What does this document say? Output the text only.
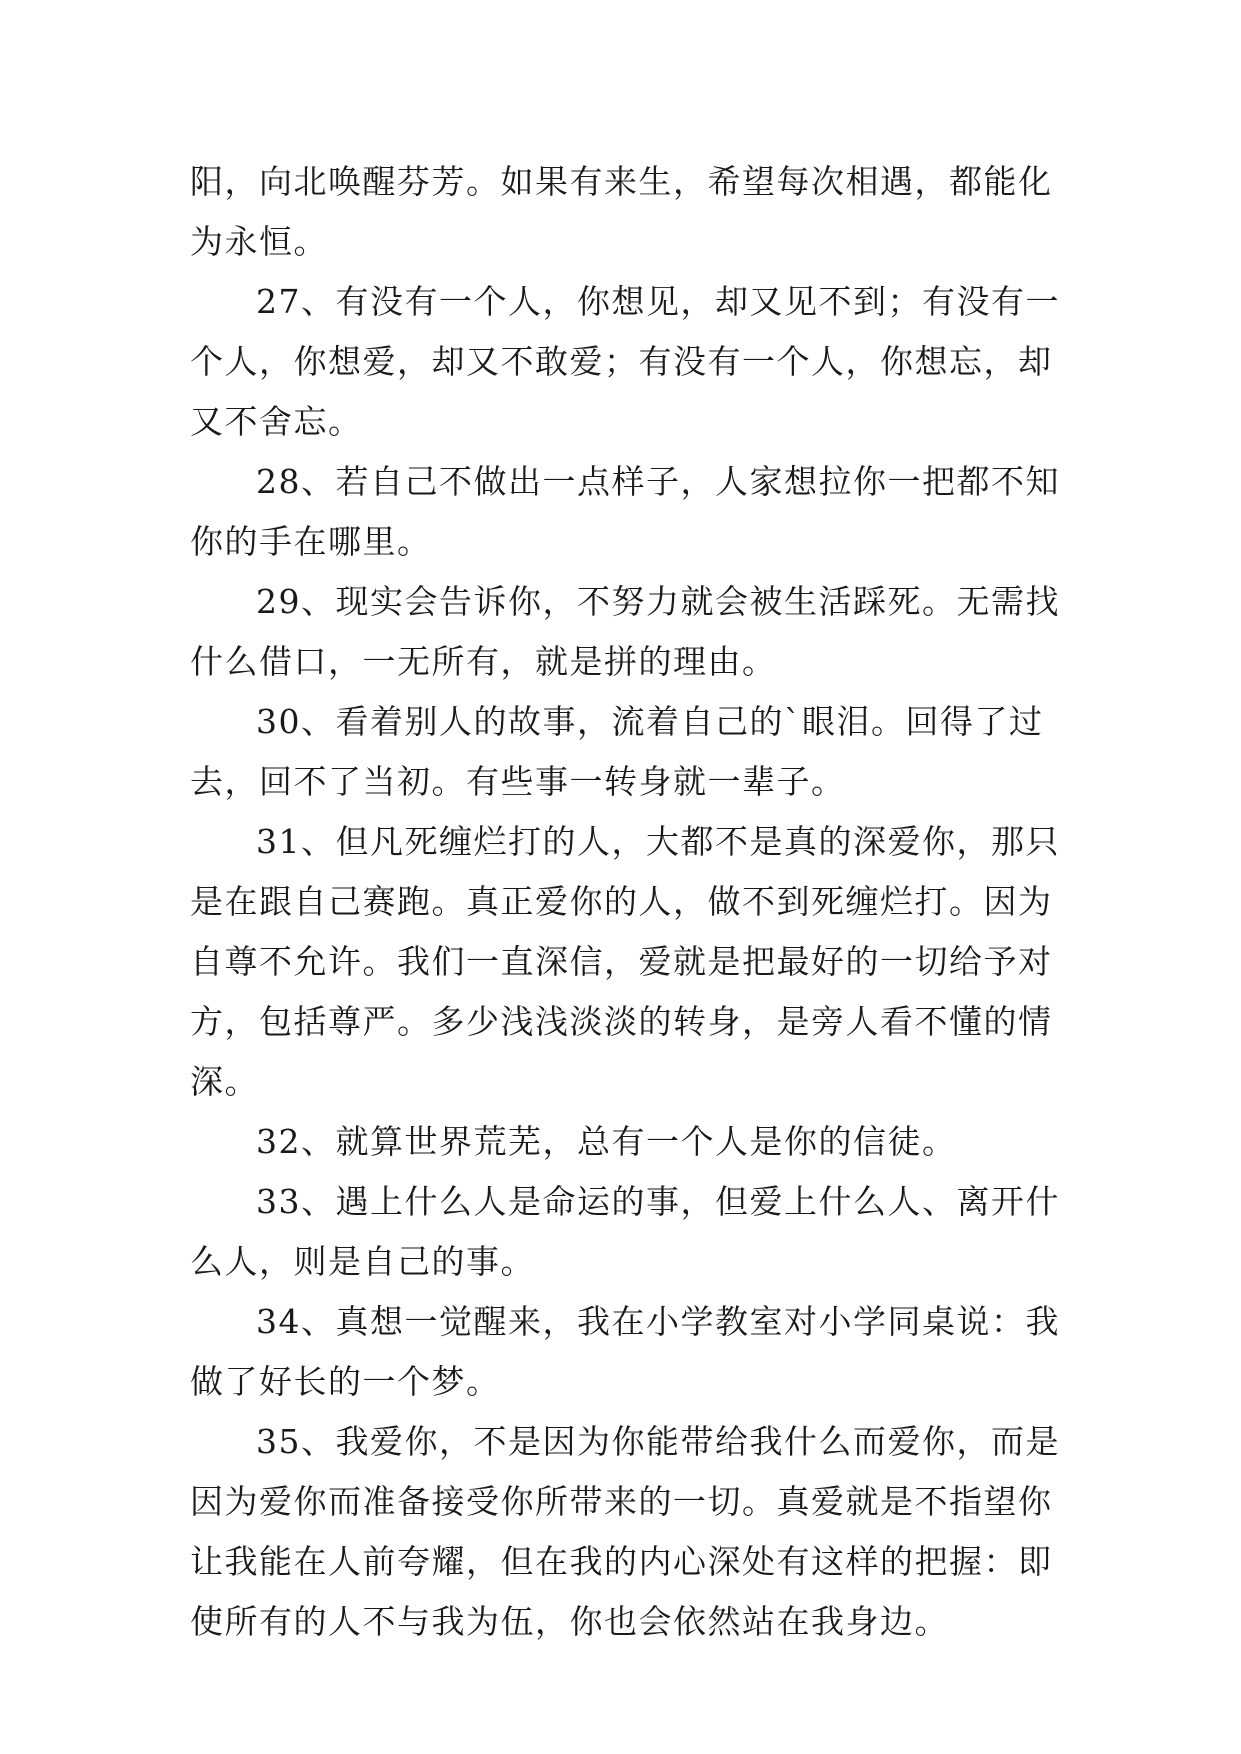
阳，向北唤醒芬芳。如果有来生，希望每次相遇，都能化为永恒。

27、有没有一个人，你想见，却又见不到；有没有一个人，你想爱，却又不敢爱；有没有一个人，你想忘，却又不舍忘。

28、若自己不做出一点样子，人家想拉你一把都不知你的手在哪里。

29、现实会告诉你，不努力就会被生活踩死。无需找什么借口，一无所有，就是拼的理由。

30、看着别人的故事，流着自己的`眼泪。回得了过去，回不了当初。有些事一转身就一辈子。

31、但凡死缠烂打的人，大都不是真的深爱你，那只是在跟自己赛跑。真正爱你的人，做不到死缠烂打。因为自尊不允许。我们一直深信，爱就是把最好的一切给予对方，包括尊严。多少浅浅淡淡的转身，是旁人看不懂的情深。

32、就算世界荒芜，总有一个人是你的信徒。

33、遇上什么人是命运的事，但爱上什么人、离开什么人，则是自己的事。

34、真想一觉醒来，我在小学教室对小学同桌说：我做了好长的一个梦。

35、我爱你，不是因为你能带给我什么而爱你，而是因为爱你而准备接受你所带来的一切。真爱就是不指望你让我能在人前夸耀，但在我的内心深处有这样的把握：即使所有的人不与我为伍，你也会依然站在我身边。
